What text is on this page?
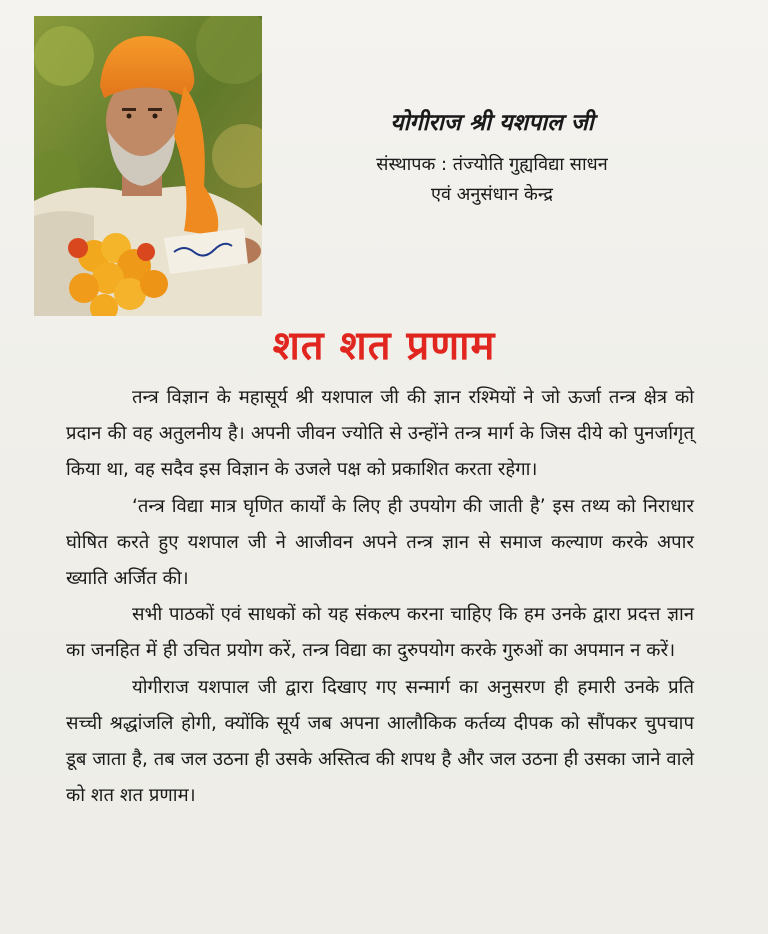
योगीराज श्री यशपाल जी

संस्थापक : तंज्योति गुह्यविद्या साधन

एवं अनुसंधान केन्द्र

शत शत प्रणाम

तन्त्र विज्ञान के महासूर्य श्री यशपाल जी की ज्ञान रश्मियों ने जो ऊर्जा तन्त्र क्षेत्र को प्रदान की वह अतुलनीय है। अपनी जीवन ज्योति से उन्होंने तन्त्र मार्ग के जिस दीये को पुनर्जागृत् किया था, वह सदैव इस विज्ञान के उजले पक्ष को प्रकाशित करता रहेगा।

‘तन्त्र विद्या मात्र घृणित कार्यों के लिए ही उपयोग की जाती है’ इस तथ्य को निराधार घोषित करते हुए यशपाल जी ने आजीवन अपने तन्त्र ज्ञान से समाज कल्याण करके अपार ख्याति अर्जित की।

सभी पाठकों एवं साधकों को यह संकल्प करना चाहिए कि हम उनके द्वारा प्रदत्त ज्ञान का जनहित में ही उचित प्रयोग करें, तन्त्र विद्या का दुरुपयोग करके गुरुओं का अपमान न करें।

योगीराज यशपाल जी द्वारा दिखाए गए सन्मार्ग का अनुसरण ही हमारी उनके प्रति सच्ची श्रद्धांजलि होगी, क्योंकि सूर्य जब अपना आलौकिक कर्तव्य दीपक को सौंपकर चुपचाप डूब जाता है, तब जल उठना ही उसके अस्तित्व की शपथ है और जल उठना ही उसका जाने वाले को शत शत प्रणाम।
